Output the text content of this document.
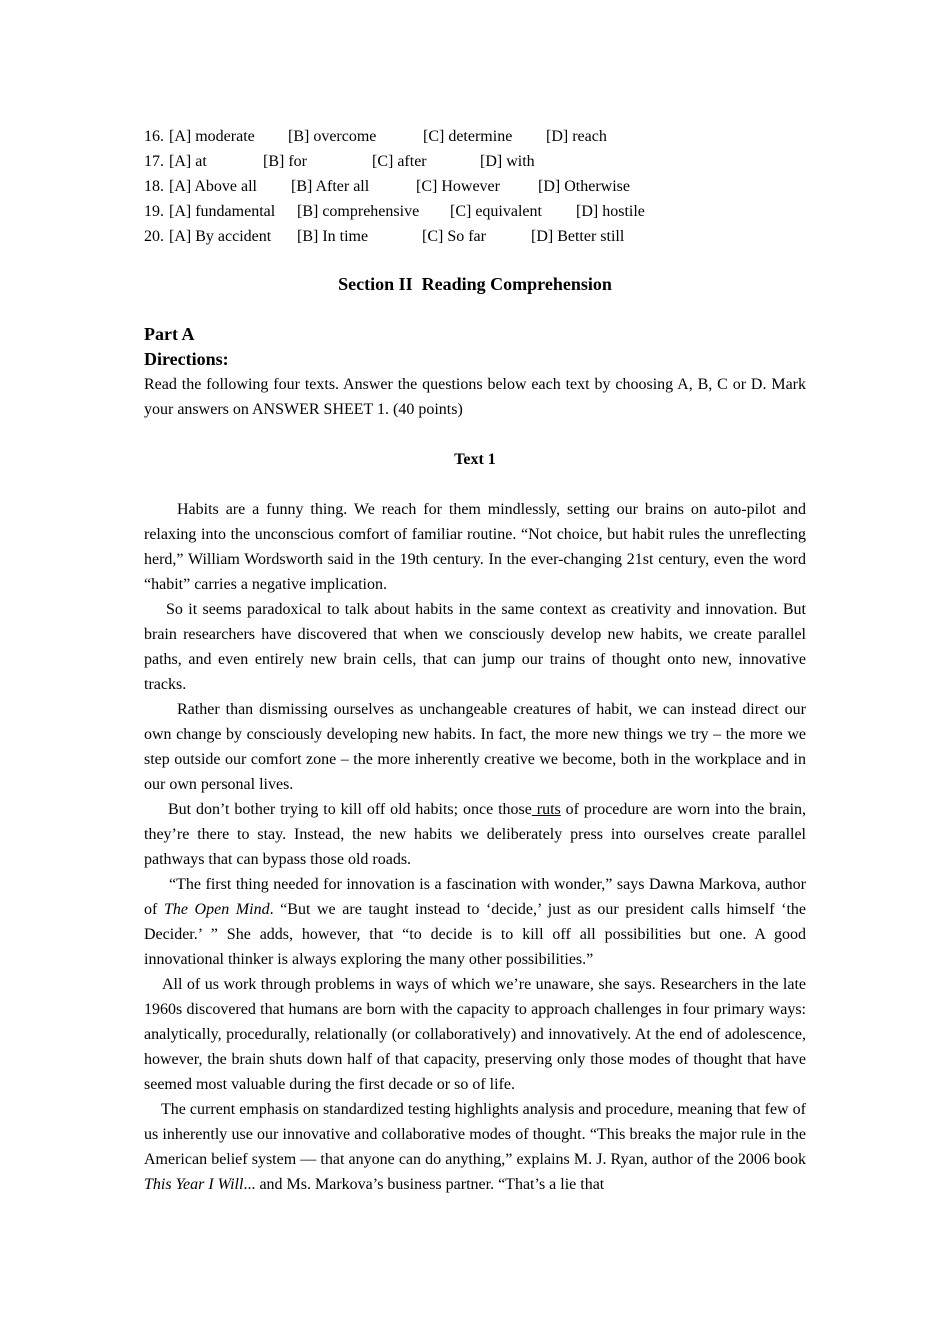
16. [A] moderate	[B] overcome	[C] determine	[D] reach
17. [A] at	[B] for	[C] after	[D] with
18. [A] Above all	[B] After all	[C] However	[D] Otherwise
19. [A] fundamental	[B] comprehensive	[C] equivalent	[D] hostile
20. [A] By accident	[B] In time	[C] So far	[D] Better still
Section II  Reading Comprehension
Part A
Directions:
Read the following four texts. Answer the questions below each text by choosing A, B, C or D. Mark your answers on ANSWER SHEET 1. (40 points)
Text 1

Habits are a funny thing. We reach for them mindlessly, setting our brains on auto-pilot and relaxing into the unconscious comfort of familiar routine. “Not choice, but habit rules the unreflecting herd,” William Wordsworth said in the 19th century. In the ever-changing 21st century, even the word “habit” carries a negative implication.

So it seems paradoxical to talk about habits in the same context as creativity and innovation. But brain researchers have discovered that when we consciously develop new habits, we create parallel paths, and even entirely new brain cells, that can jump our trains of thought onto new, innovative tracks.

Rather than dismissing ourselves as unchangeable creatures of habit, we can instead direct our own change by consciously developing new habits. In fact, the more new things we try – the more we step outside our comfort zone – the more inherently creative we become, both in the workplace and in our own personal lives.

But don’t bother trying to kill off old habits; once those ruts of procedure are worn into the brain, they’re there to stay. Instead, the new habits we deliberately press into ourselves create parallel pathways that can bypass those old roads.

“The first thing needed for innovation is a fascination with wonder,” says Dawna Markova, author of The Open Mind. “But we are taught instead to ‘decide,’ just as our president calls himself ‘the Decider.’ ” She adds, however, that “to decide is to kill off all possibilities but one. A good innovational thinker is always exploring the many other possibilities.”

All of us work through problems in ways of which we’re unaware, she says. Researchers in the late 1960s discovered that humans are born with the capacity to approach challenges in four primary ways: analytically, procedurally, relationally (or collaboratively) and innovatively. At the end of adolescence, however, the brain shuts down half of that capacity, preserving only those modes of thought that have seemed most valuable during the first decade or so of life.

The current emphasis on standardized testing highlights analysis and procedure, meaning that few of us inherently use our innovative and collaborative modes of thought. “This breaks the major rule in the American belief system — that anyone can do anything,” explains M. J. Ryan, author of the 2006 book This Year I Will... and Ms. Markova’s business partner. “That’s a lie that
